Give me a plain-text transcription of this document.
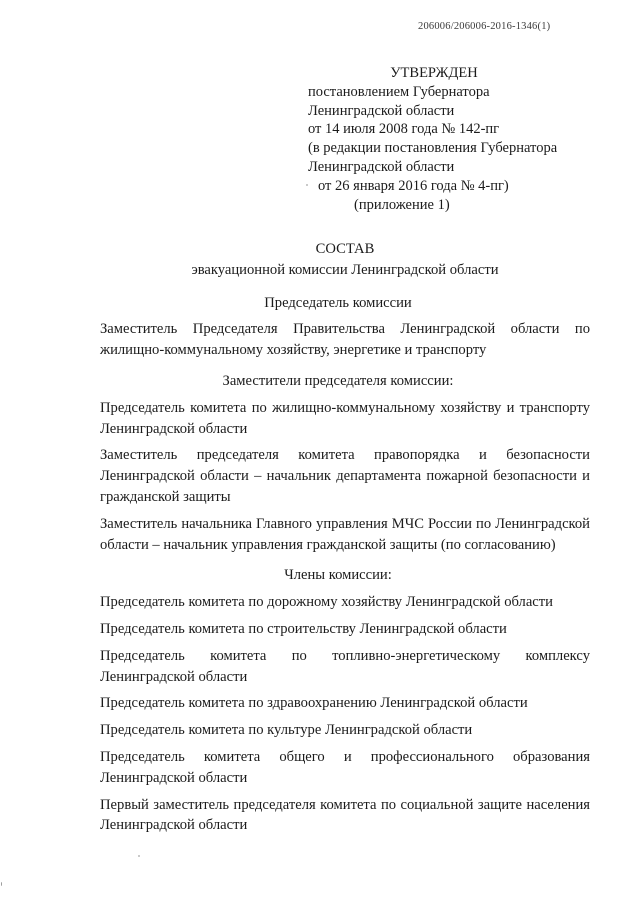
206006/206006-2016-1346(1)
УТВЕРЖДЕН
постановлением Губернатора
Ленинградской области
от 14 июля 2008 года № 142-пг
(в редакции постановления Губернатора
Ленинградской области
от 26 января 2016 года № 4-пг)
(приложение 1)
СОСТАВ
эвакуационной комиссии Ленинградской области
Председатель комиссии

Заместитель Председателя Правительства Ленинградской области по жилищно-коммунальному хозяйству, энергетике и транспорту

Заместители председателя комиссии:

Председатель комитета по жилищно-коммунальному хозяйству и транспорту Ленинградской области

Заместитель председателя комитета правопорядка и безопасности Ленинградской области – начальник департамента пожарной безопасности и гражданской защиты

Заместитель начальника Главного управления МЧС России по Ленинградской области – начальник управления гражданской защиты (по согласованию)

Члены комиссии:

Председатель комитета по дорожному хозяйству Ленинградской области

Председатель комитета по строительству Ленинградской области

Председатель комитета по топливно-энергетическому комплексу Ленинградской области

Председатель комитета по здравоохранению Ленинградской области

Председатель комитета по культуре Ленинградской области

Председатель комитета общего и профессионального образования Ленинградской области

Первый заместитель председателя комитета по социальной защите населения Ленинградской области
